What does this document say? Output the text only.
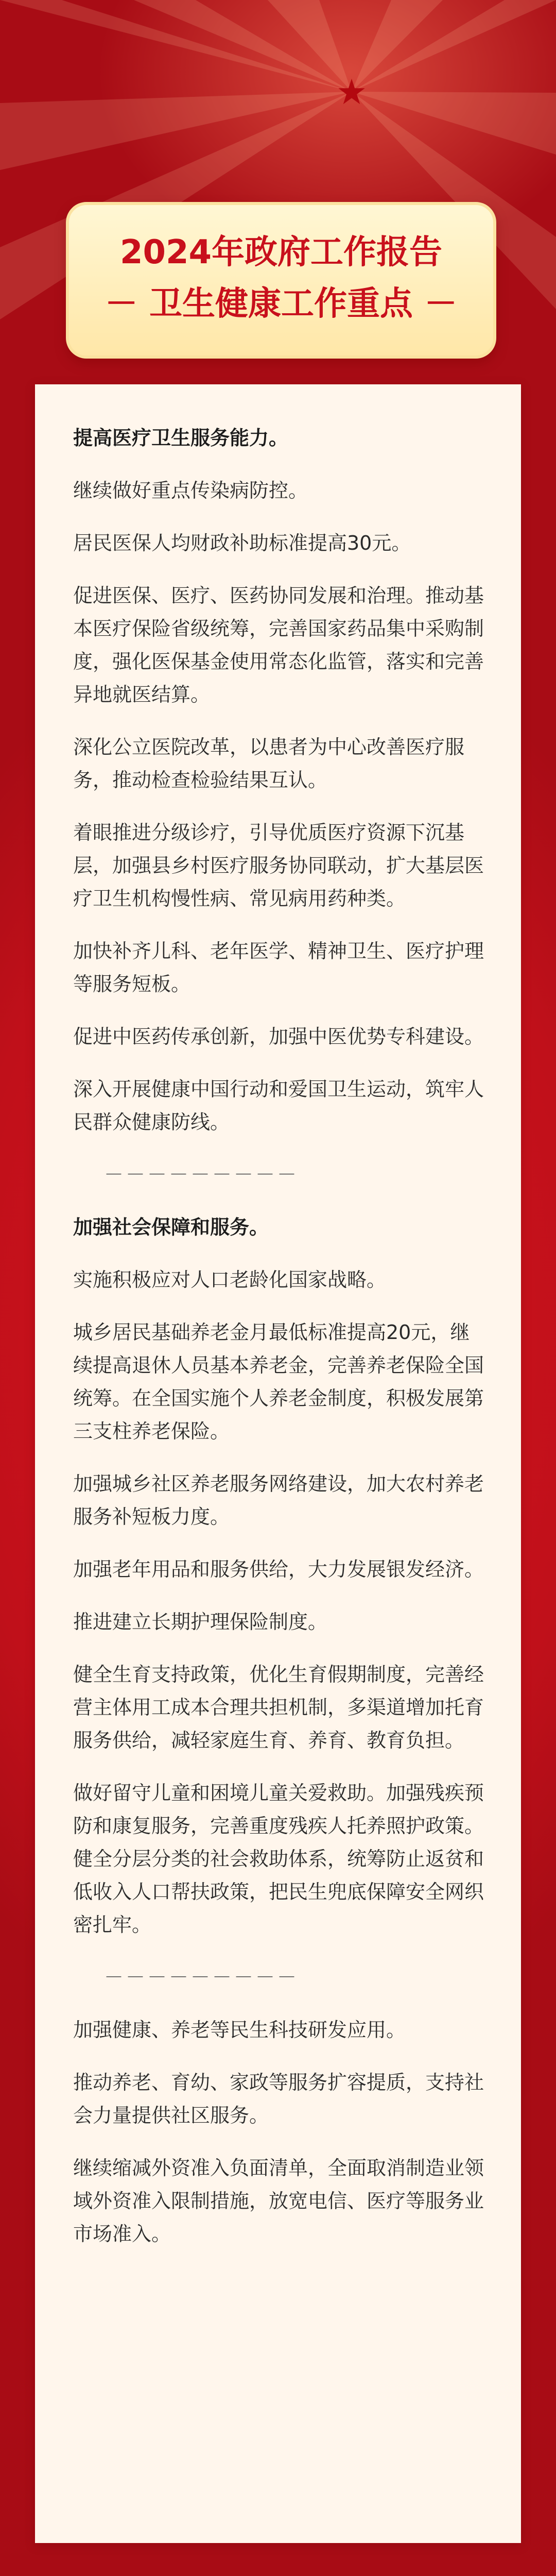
2024年政府工作报告
－ 卫生健康工作重点 －

提高医疗卫生服务能力。

继续做好重点传染病防控。

居民医保人均财政补助标准提高30元。

促进医保、医疗、医药协同发展和治理。推动基本医疗保险省级统筹，完善国家药品集中采购制度，强化医保基金使用常态化监管，落实和完善异地就医结算。

深化公立医院改革，以患者为中心改善医疗服务，推动检查检验结果互认。

着眼推进分级诊疗，引导优质医疗资源下沉基层，加强县乡村医疗服务协同联动，扩大基层医疗卫生机构慢性病、常见病用药种类。

加快补齐儿科、老年医学、精神卫生、医疗护理等服务短板。

促进中医药传承创新，加强中医优势专科建设。

深入开展健康中国行动和爱国卫生运动，筑牢人民群众健康防线。

－－－－－－－－－

加强社会保障和服务。

实施积极应对人口老龄化国家战略。

城乡居民基础养老金月最低标准提高20元，继续提高退休人员基本养老金，完善养老保险全国统筹。在全国实施个人养老金制度，积极发展第三支柱养老保险。

加强城乡社区养老服务网络建设，加大农村养老服务补短板力度。

加强老年用品和服务供给，大力发展银发经济。

推进建立长期护理保险制度。

健全生育支持政策，优化生育假期制度，完善经营主体用工成本合理共担机制，多渠道增加托育服务供给，减轻家庭生育、养育、教育负担。

做好留守儿童和困境儿童关爱救助。加强残疾预防和康复服务，完善重度残疾人托养照护政策。健全分层分类的社会救助体系，统筹防止返贫和低收入人口帮扶政策，把民生兜底保障安全网织密扎牢。

－－－－－－－－－

加强健康、养老等民生科技研发应用。

推动养老、育幼、家政等服务扩容提质，支持社会力量提供社区服务。

继续缩减外资准入负面清单，全面取消制造业领域外资准入限制措施，放宽电信、医疗等服务业市场准入。
